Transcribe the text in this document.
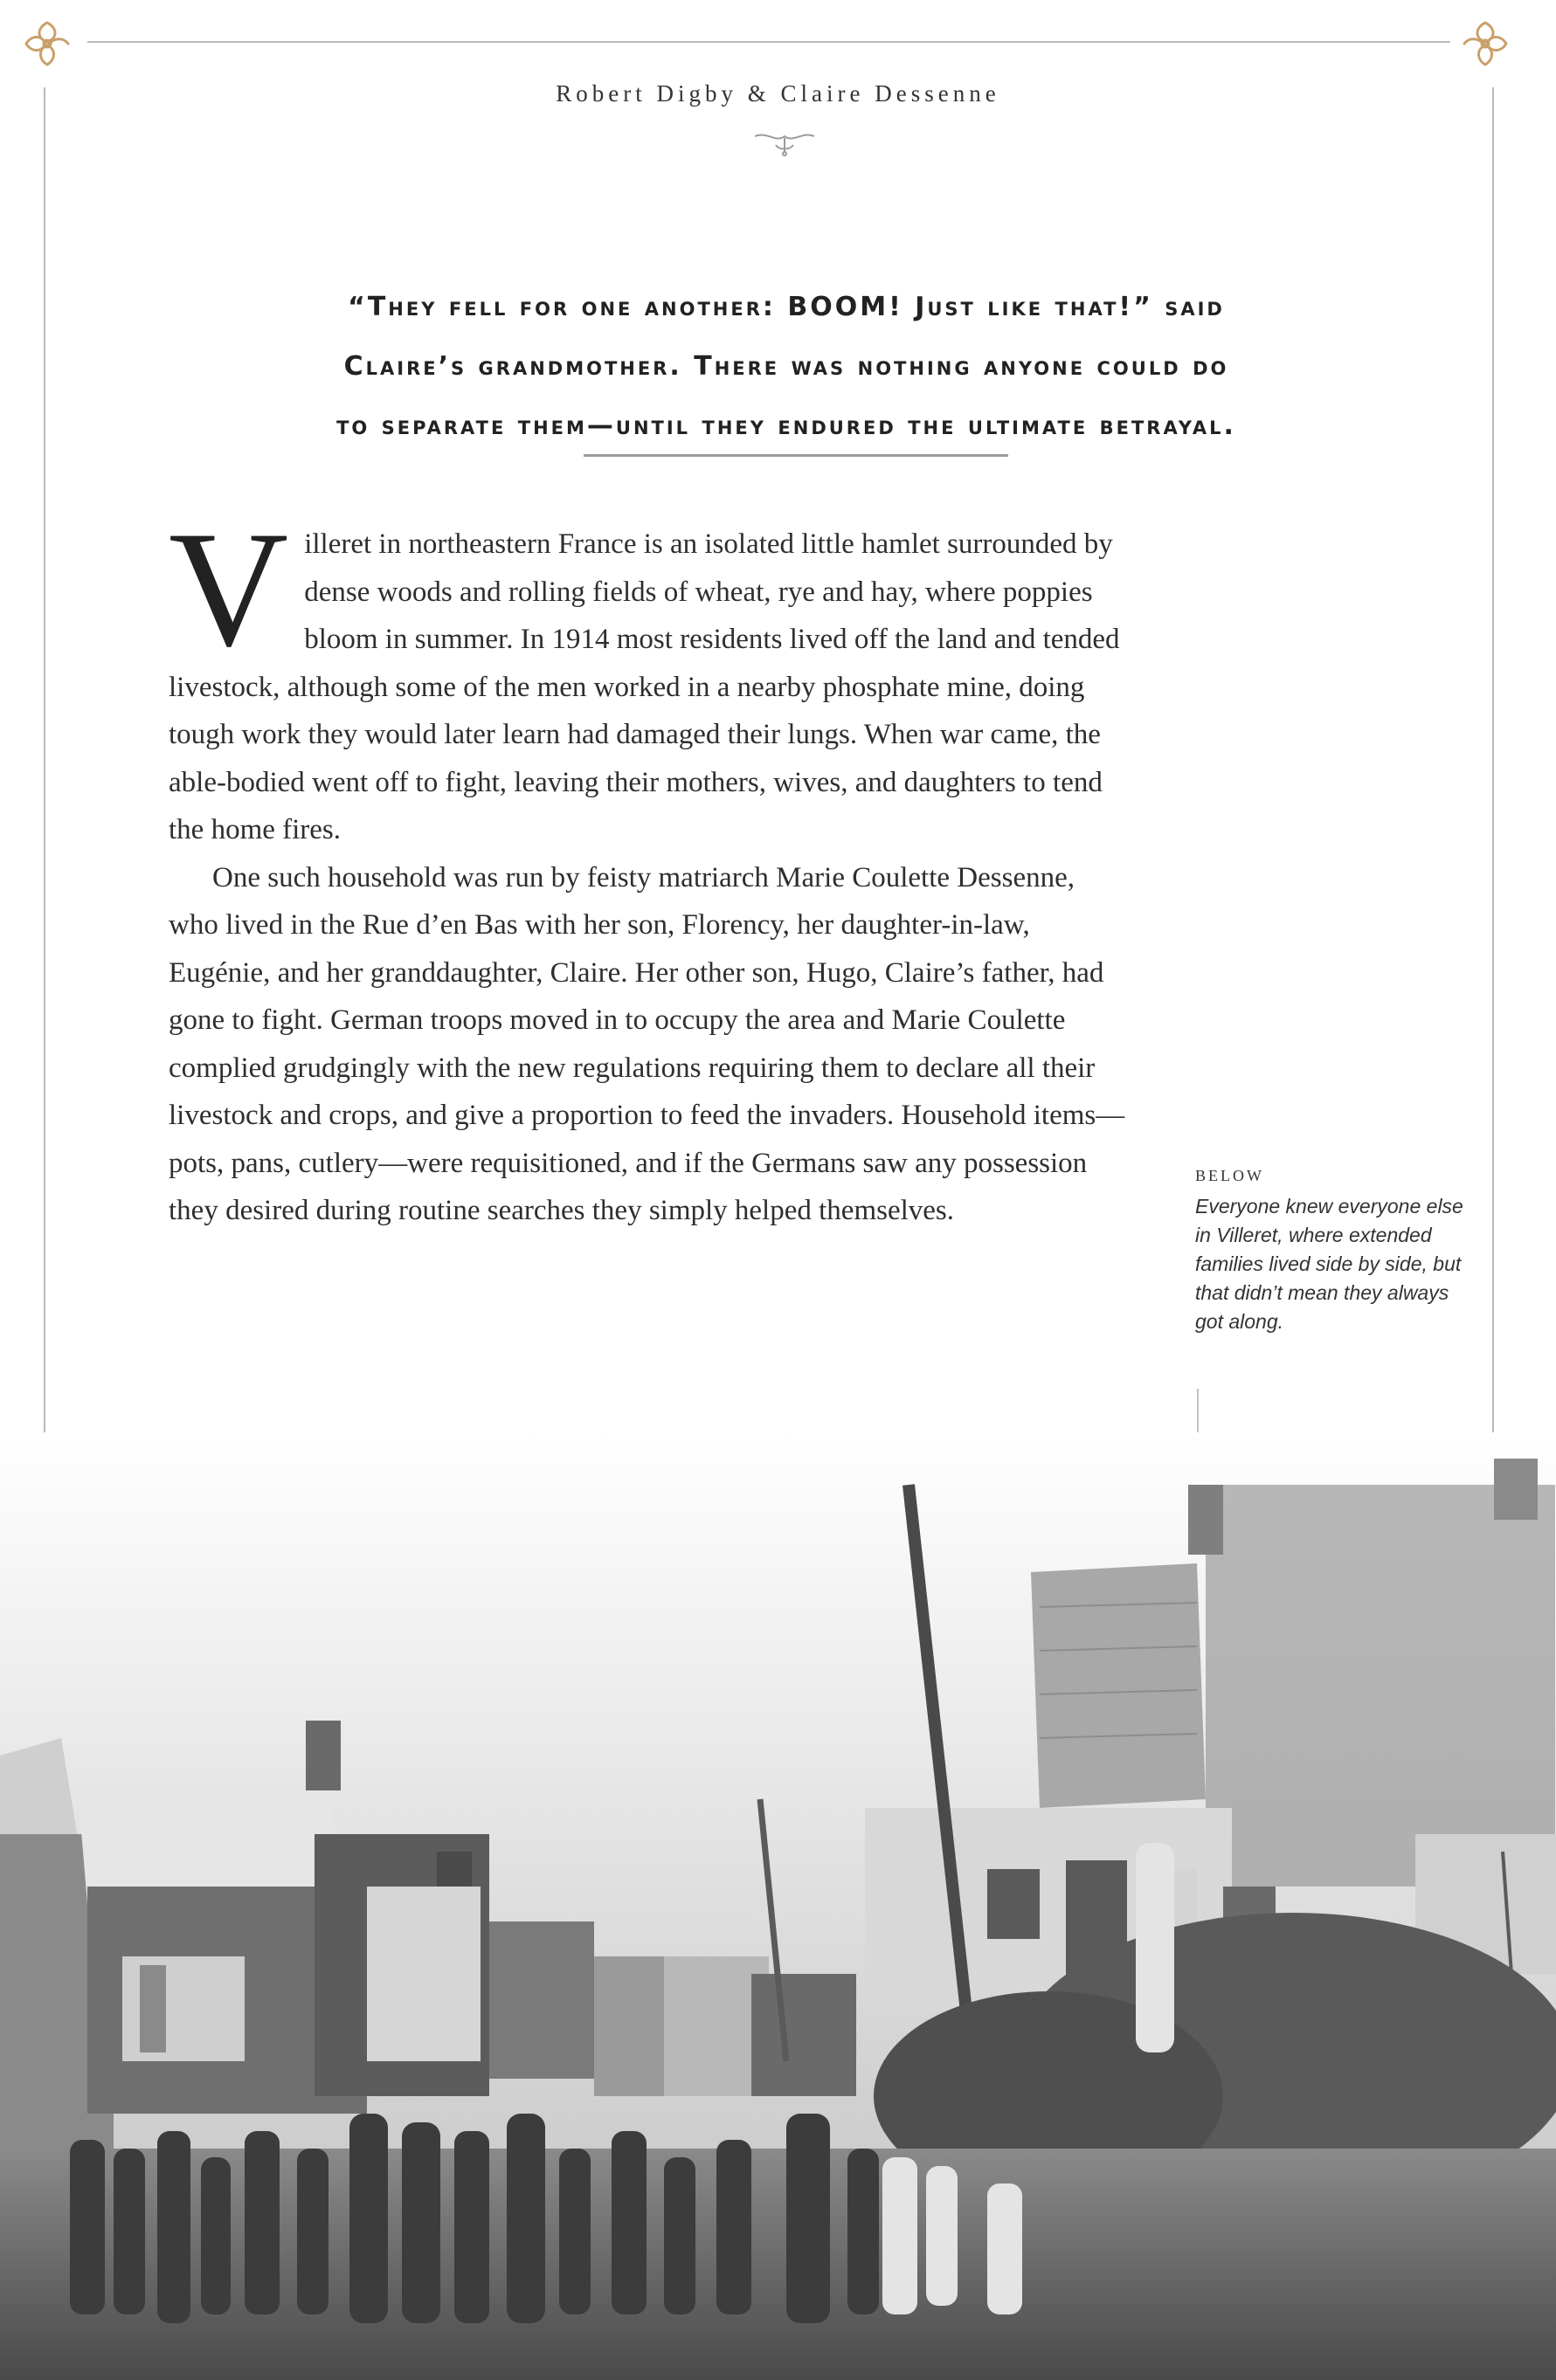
Robert Digby & Claire Dessenne
“They fell for one another: BOOM! Just like that!” said
Claire’s grandmother. There was nothing anyone could do
to separate them—until they endured the ultimate betrayal.

Villeret in northeastern France is an isolated little hamlet surrounded by dense woods and rolling fields of wheat, rye and hay, where poppies bloom in summer. In 1914 most residents lived off the land and tended livestock, although some of the men worked in a nearby phosphate mine, doing tough work they would later learn had damaged their lungs. When war came, the able-bodied went off to fight, leaving their mothers, wives, and daughters to tend the home fires.

One such household was run by feisty matriarch Marie Coulette Dessenne, who lived in the Rue d’en Bas with her son, Florency, her daughter-in-law, Eugénie, and her granddaughter, Claire. Her other son, Hugo, Claire’s father, had gone to fight. German troops moved in to occupy the area and Marie Coulette complied grudgingly with the new regulations requiring them to declare all their livestock and crops, and give a proportion to feed the invaders. Household items—pots, pans, cutlery—were requisitioned, and if the Germans saw any possession they desired during routine searches they simply helped themselves.

BELOW
Everyone knew everyone else in Villeret, where extended families lived side by side, but that didn’t mean they always got along.
